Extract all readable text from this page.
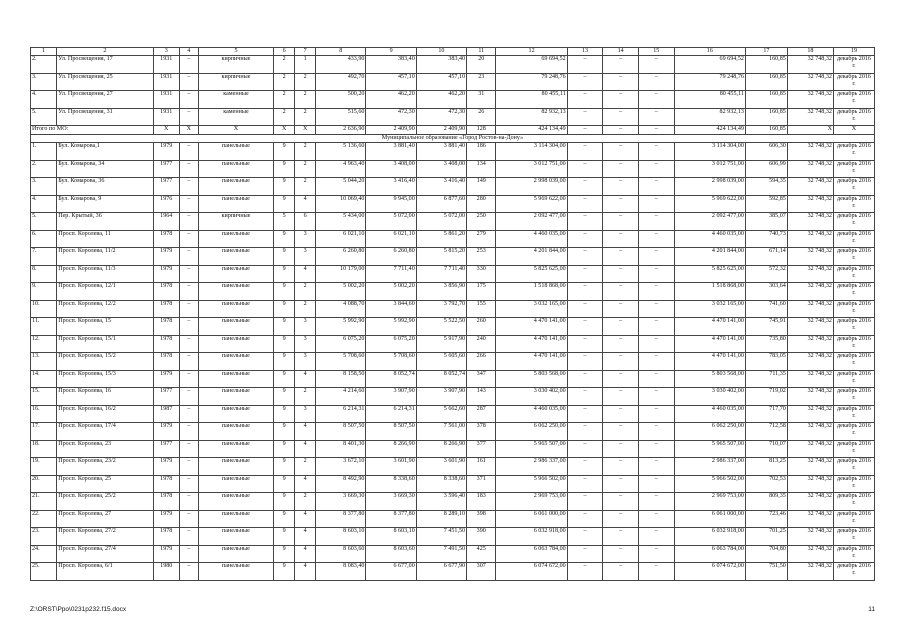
1	2	3	4	5	6	7	8	9	10	11	12	13	14	15	16	17	18	19
2.	Ул. Просвещения, 17	1931	–	кирпичные	2	1	433,90	383,40	383,40	20	69 694,52	–	–	–	69 694,52	160,85	32 748,32	декабрь 2016 г.
3.	Ул. Просвещения, 25	1931	–	кирпичные	2	2	492,70	457,10	457,10	23	79 248,76	–	–	–	79 248,76	160,85	32 748,32	декабрь 2016 г.
4.	Ул. Просвещения, 27	1931	–	каменные	2	2	500,20	462,20	462,20	31	80 455,11	–	–	–	80 455,11	160,85	32 748,32	декабрь 2016 г.
5.	Ул. Просвещения, 31	1931	–	каменные	2	2	515,60	472,30	472,30	26	82 932,13	–	–	–	82 932,13	160,85	32 748,32	декабрь 2016 г.
Итого по МО:		X	X	X	X	X	2 636,90	2 409,90	2 409,90	128	424 134,49	–	–	–	424 134,49	160,85	X	X
Муниципальное образование «Город Ростов-на-Дону»																		
1.	Бул. Комарова,1	1979	–	панельные	9	2	5 136,60	3 881,40	3 881,40	186	3 114 304,00	–	–	–	3 114 304,00	606,30	32 748,32	декабрь 2016 г.
2.	Бул. Комарова, 34	1977	–	панельные	9	2	4 963,40	3 408,00	3 408,00	134	3 012 751,00	–	–	–	3 012 751,00	606,99	32 748,32	декабрь 2016 г.
3.	Бул. Комарова, 36	1977	–	панельные	9	2	5 044,20	3 416,40	3 416,40	149	2 998 039,00	–	–	–	2 998 039,00	594,35	32 748,32	декабрь 2016 г.
4.	Бул. Комарова, 9	1976	–	панельные	9	4	10 069,40	9 945,00	6 877,60	280	5 969 622,00	–	–	–	5 969 622,00	592,85	32 748,32	декабрь 2016 г.
5.	Пер. Крытый, 36	1964	–	кирпичные	5	6	5 434,00	5 072,00	5 072,00	250	2 092 477,00	–	–	–	2 092 477,00	385,07	32 748,32	декабрь 2016 г.
6.	Просп. Королева, 11	1978	–	панельные	9	3	6 021,10	6 021,10	5 861,20	279	4 460 035,00	–	–	–	4 460 035,00	740,73	32 748,32	декабрь 2016 г.
7.	Просп. Королева, 11/2	1979	–	панельные	9	3	6 260,80	6 260,80	5 815,20	253	4 201 844,00	–	–	–	4 201 844,00	671,14	32 748,32	декабрь 2016 г.
8.	Просп. Королева, 11/3	1979	–	панельные	9	4	10 179,00	7 711,40	7 711,40	330	5 825 625,00	–	–	–	5 825 625,00	572,32	32 748,32	декабрь 2016 г.
9.	Просп. Королева, 12/1	1978	–	панельные	9	2	5 002,20	5 002,20	3 856,90	175	1 518 868,00	–	–	–	1 518 868,00	303,64	32 748,32	декабрь 2016 г.
10.	Просп. Королева, 12/2	1978	–	панельные	9	2	4 088,70	3 844,60	3 792,70	155	3 032 165,00	–	–	–	3 032 165,00	741,60	32 748,32	декабрь 2016 г.
11.	Просп. Королева, 15	1978	–	панельные	9	3	5 992,90	5 992,90	5 522,50	260	4 470 141,00	–	–	–	4 470 141,00	745,91	32 748,32	декабрь 2016 г.
12.	Просп. Королева, 15/1	1978	–	панельные	9	3	6 075,20	6 075,20	5 917,90	240	4 470 141,00	–	–	–	4 470 141,00	735,80	32 748,32	декабрь 2016 г.
13.	Просп. Королева, 15/2	1978	–	панельные	9	3	5 708,60	5 708,60	5 605,60	266	4 470 141,00	–	–	–	4 470 141,00	783,05	32 748,32	декабрь 2016 г.
14.	Просп. Королева, 15/3	1979	–	панельные	9	4	8 158,50	8 052,74	8 052,74	347	5 803 568,00	–	–	–	5 803 568,00	711,35	32 748,32	декабрь 2016 г.
15.	Просп. Королева, 16	1977	–	панельные	9	2	4 214,60	3 907,90	3 907,90	143	3 030 402,00	–	–	–	3 030 402,00	719,02	32 748,32	декабрь 2016 г.
16.	Просп. Королева, 16/2	1987	–	панельные	9	3	6 214,31	6 214,31	5 662,60	287	4 460 035,00	–	–	–	4 460 035,00	717,70	32 748,32	декабрь 2016 г.
17.	Просп. Королева, 17/4	1979	–	панельные	9	4	8 507,50	8 507,50	7 561,00	378	6 062 250,00	–	–	–	6 062 250,00	712,58	32 748,32	декабрь 2016 г.
18.	Просп. Королева, 23	1977	–	панельные	9	4	8 401,30	8 266,90	8 266,90	377	5 965 507,00	–	–	–	5 965 507,00	710,07	32 748,32	декабрь 2016 г.
19.	Просп. Королева, 23/2	1979	–	панельные	9	2	3 672,10	3 601,90	3 601,90	161	2 986 337,00	–	–	–	2 986 337,00	813,25	32 748,32	декабрь 2016 г.
20.	Просп. Королева, 25	1978	–	панельные	9	4	8 492,90	8 338,60	8 338,60	371	5 966 502,00	–	–	–	5 966 502,00	702,53	32 748,32	декабрь 2016 г.
21.	Просп. Королева, 25/2	1978	–	панельные	9	2	3 669,30	3 669,30	3 596,40	183	2 969 753,00	–	–	–	2 969 753,00	809,35	32 748,32	декабрь 2016 г.
22.	Просп. Королева, 27	1979	–	панельные	9	4	8 377,80	8 377,80	8 289,10	398	6 061 000,00	–	–	–	6 061 000,00	723,46	32 748,32	декабрь 2016 г.
23.	Просп. Королева, 27/2	1978	–	панельные	9	4	8 603,10	8 603,10	7 451,50	390	6 032 918,00	–	–	–	6 032 918,00	701,25	32 748,32	декабрь 2016 г.
24.	Просп. Королева, 27/4	1979	–	панельные	9	4	8 603,60	8 603,60	7 491,50	425	6 063 784,00	–	–	–	6 063 784,00	704,80	32 748,32	декабрь 2016 г.
25.	Просп. Королева, 6/1	1980	–	панельные	9	4	8 083,40	6 677,00	6 677,90	307	6 074 672,00	–	–	–	6 074 672,00	751,50	32 748,32	декабрь 2016 г.
Z:\ORST\Ppo\0231p232.f15.docx	11
